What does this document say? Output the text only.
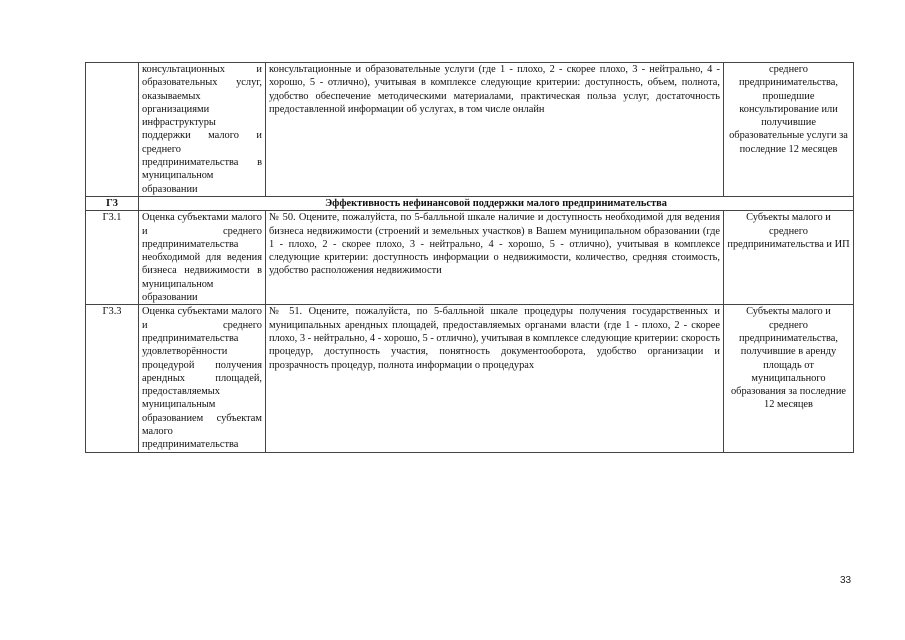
	консультационных и образовательных услуг, оказываемых организациями инфраструктуры поддержки малого и среднего предпринимательства в муниципальном образовании	консультационные и образовательные услуги (где 1 - плохо, 2 - скорее плохо, 3 - нейтрально, 4 - хорошо, 5 - отлично), учитывая в комплексе следующие критерии: доступность, объем, полнота, удобство обеспечение методическими материалами, практическая польза услуг, достаточность предоставленной информации об услугах, в том числе онлайн	среднего предпринимательства, прошедшие консультирование или получившие образовательные услуги за последние 12 месяцев
Г3	Эффективность нефинансовой поддержки малого предпринимательства		
Г3.1	Оценка субъектами малого и среднего предпринимательства необходимой для ведения бизнеса недвижимости в муниципальном образовании	№ 50. Оцените, пожалуйста, по 5-балльной шкале наличие и доступность необходимой для ведения бизнеса недвижимости (строений и земельных участков) в Вашем муниципальном образовании (где 1 - плохо, 2 - скорее плохо, 3 - нейтрально, 4 - хорошо, 5 - отлично), учитывая в комплексе следующие критерии: доступность информации о недвижимости, количество, средняя стоимость, удобство расположения недвижимости	Субъекты малого и среднего предпринимательства и ИП
Г3.3	Оценка субъектами малого и среднего предпринимательства удовлетворённости процедурой получения арендных площадей, предоставляемых муниципальным образованием субъектам малого предпринимательства	№ 51. Оцените, пожалуйста, по 5-балльной шкале процедуры получения государственных и муниципальных арендных площадей, предоставляемых органами власти (где 1 - плохо, 2 - скорее плохо, 3 - нейтрально, 4 - хорошо, 5 - отлично), учитывая в комплексе следующие критерии: скорость процедур, доступность участия, понятность документооборота, удобство организации и прозрачность процедур, полнота информации о процедурах	Субъекты малого и среднего предпринимательства, получившие в аренду площадь от муниципального образования за последние 12 месяцев
33
